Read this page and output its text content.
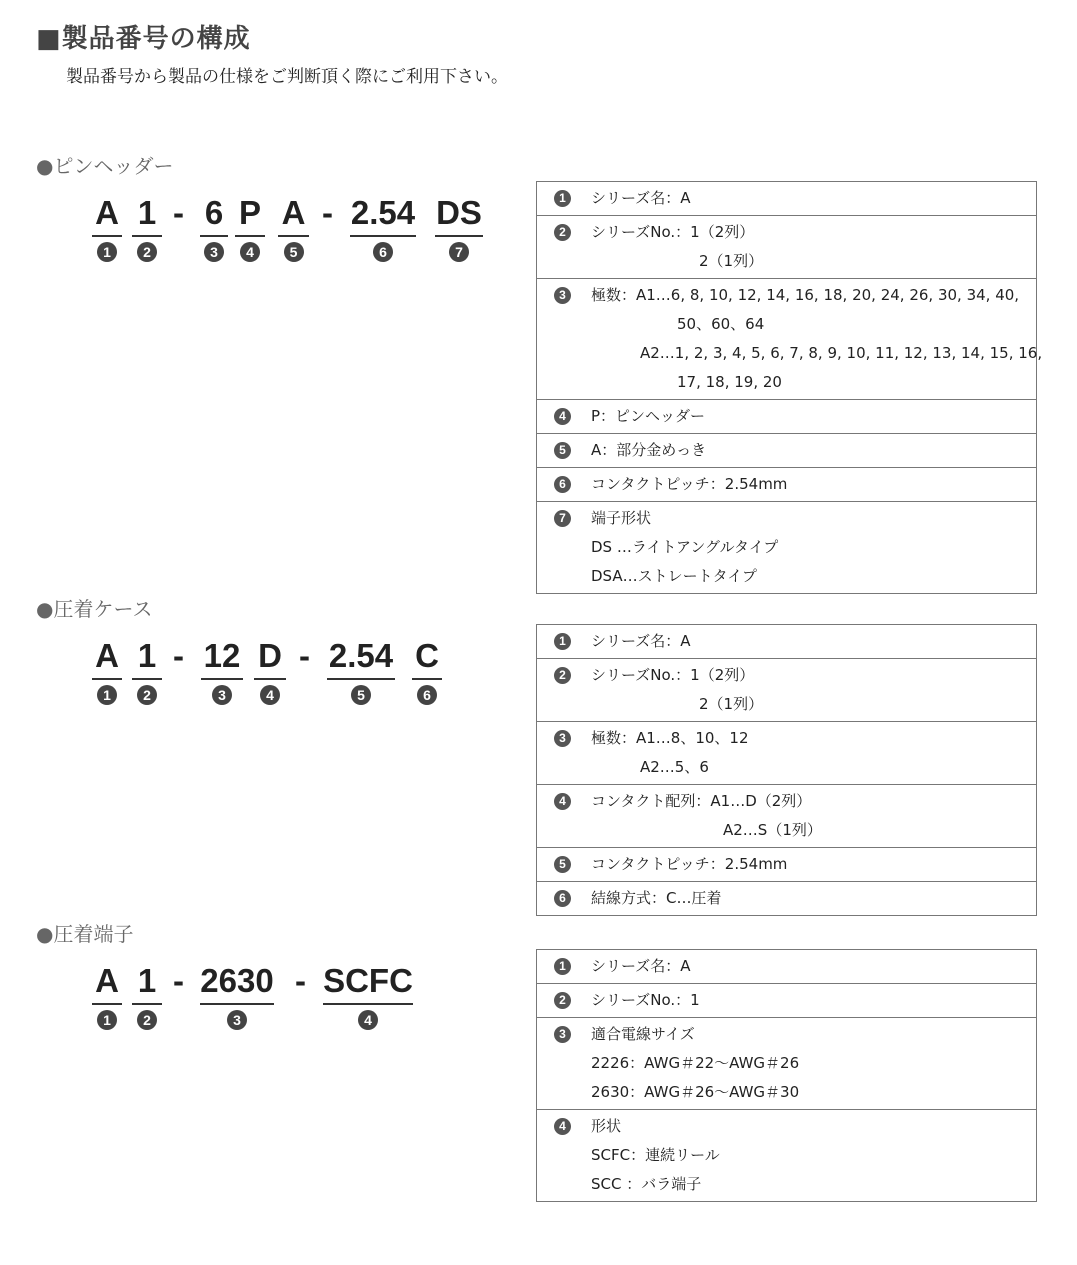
■製品番号の構成
製品番号から製品の仕様をご判断頂く際にご利用下さい。
●ピンヘッダー
A
1
1
2
- 6
3
P
4
A
5
- 2.54
6
DS
7
1	シリーズ名：A
2	シリーズNo.：1（2列）
2（1列）
3	極数：A1…6, 8, 10, 12, 14, 16, 18, 20, 24, 26, 30, 34, 40,
50、60、64
A2…1, 2, 3, 4, 5, 6, 7, 8, 9, 10, 11, 12, 13, 14, 15, 16,
17, 18, 19, 20
4	P：ピンヘッダー
5	A：部分金めっき
6	コンタクトピッチ：2.54mm
7	端子形状
DS …ライトアングルタイプ
DSA…ストレートタイプ
●圧着ケース
A
1
1
2
- 12
3
D
4
- 2.54
5
C
6
1	シリーズ名：A
2	シリーズNo.：1（2列）
2（1列）
3	極数：A1…8、10、12
A2…5、6
4	コンタクト配列：A1…D（2列）
A2…S（1列）
5	コンタクトピッチ：2.54mm
6	結線方式：C…圧着
●圧着端子
A
1
1
2
- 2630
3
- SCFC
4
1	シリーズ名：A
2	シリーズNo.：1
3	適合電線サイズ
2226：AWG＃22～AWG＃26
2630：AWG＃26～AWG＃30
4	形状
SCFC：連続リール
SCC ：バラ端子
